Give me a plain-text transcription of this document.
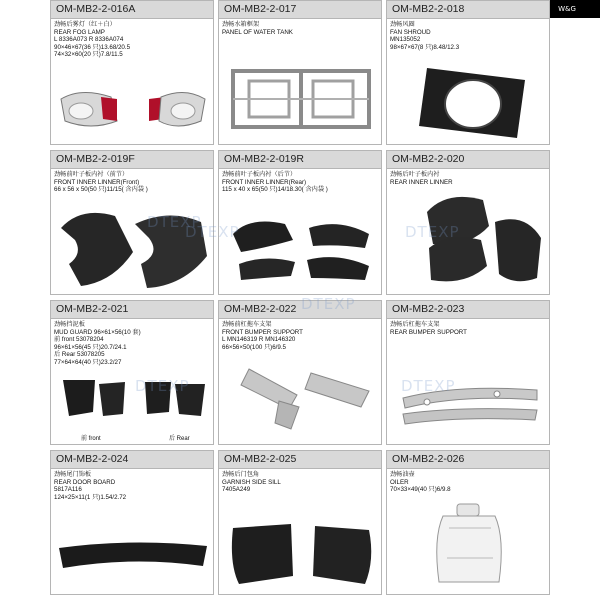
W&G
OM-MB2-2-016A
劲畅后雾灯（红＋白）
REAR FOG LAMP
L 8336A073 R 8336A074
90×46×67(36 只)13.68/20.5
74×32×60(20 只)7.8/11.5
OM-MB2-2-017
劲畅水箱框架
PANEL OF WATER TANK
OM-MB2-2-018
劲畅风圈
FAN SHROUD
MN135052
98×67×67(8 只)8.48/12.3
OM-MB2-2-019F
劲畅前叶子板内衬（前节）
FRONT INNER LINNER(Front)
66 x 56 x 50(50 只)11/15( 含内袋 )
DTEXP
OM-MB2-2-019R
劲畅前叶子板内衬（后节）
FRONT INNER LINNER(Rear)
115 x 40 x 65(50 只)14/18.30( 含内袋 )
DTEXP
OM-MB2-2-020
劲畅后叶子板内衬
REAR INNER LINNER
DTEXP
OM-MB2-2-021
劲畅挡泥板
MUD GUARD 96×61×56(10 套)
前 front 53078204
96×61×56(45 只)20.7/24.1
后 Rear 53078205
77×64×64(40 只)23.2/27
前 front	后 Rear
DTEXP
OM-MB2-2-022
劲畅前杠拖车支架
FRONT BUMPER SUPPORT
L MN146319 R MN146320
66×56×50(100 只)6/9.5
DTEXP	OM-MB2-2-023
劲畅后杠拖车支架
REAR BUMPER SUPPORT
DTEXP
OM-MB2-2-024
劲畅尾门饰板
REAR DOOR BOARD
5817A116
124×25×11(1 只)1.54/2.72
OM-MB2-2-025
劲畅后门包角
GARNISH SIDE SILL
7405A249
OM-MB2-2-026
劲畅油壶
OILER
70×33×49(40 只)6/9.8
